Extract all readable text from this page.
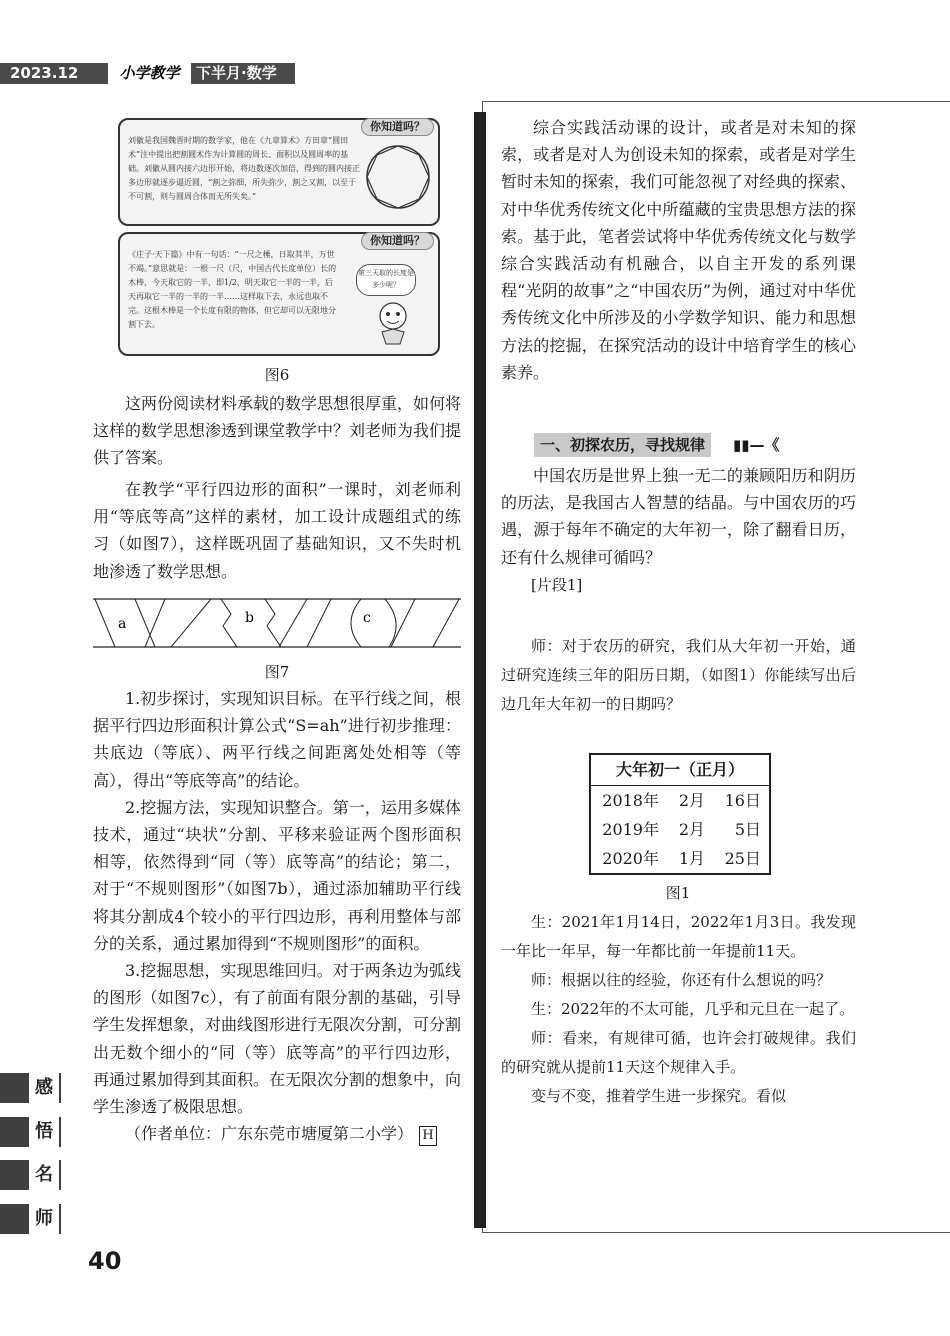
2023.12	小学教学	下半月·数学
你知道吗？
刘徽是我国魏晋时期的数学家，他在《九章算术》方田章“圆田术”注中提出把割圆术作为计算圆的周长、面积以及圆周率的基础。刘徽从圆内接六边形开始，将边数逐次加倍，得到的圆内接正多边形就逐步逼近圆，“割之弥细，所失弥少，割之又割，以至于不可割，则与圆周合体而无所失矣。”
你知道吗？
《庄子·天下篇》中有一句话：“一尺之棰，日取其半，万世不竭。”意思就是：一根一尺（尺，中国古代长度单位）长的木棒，今天取它的一半，即1/2，明天取它一半的一半，后天再取它一半的一半的一半……这样取下去，永远也取不完。这根木棒是一个长度有限的物体，但它却可以无限地分割下去。
第三天取的长度是多少呢？
图6
这两份阅读材料承载的数学思想很厚重，如何将这样的数学思想渗透到课堂教学中？刘老师为我们提供了答案。
在教学“平行四边形的面积”一课时，刘老师利用“等底等高”这样的素材，加工设计成题组式的练习（如图7），这样既巩固了基础知识，又不失时机地渗透了数学思想。
a	b	c
图7

1.初步探讨，实现知识目标。在平行线之间，根据平行四边形面积计算公式“S=ah”进行初步推理：共底边（等底）、两平行线之间距离处处相等（等高），得出“等底等高”的结论。

2.挖掘方法，实现知识整合。第一，运用多媒体技术，通过“块状”分割、平移来验证两个图形面积相等，依然得到“同（等）底等高”的结论；第二，对于“不规则图形”（如图7b），通过添加辅助平行线将其分割成4个较小的平行四边形，再利用整体与部分的关系，通过累加得到“不规则图形”的面积。

3.挖掘思想，实现思维回归。对于两条边为弧线的图形（如图7c），有了前面有限分割的基础，引导学生发挥想象，对曲线图形进行无限次分割，可分割出无数个细小的“同（等）底等高”的平行四边形，再通过累加得到其面积。在无限次分割的想象中，向学生渗透了极限思想。

（作者单位：广东东莞市塘厦第二小学） H

感
悟
名
师
40
综合实践活动课的设计，或者是对未知的探索，或者是对人为创设未知的探索，或者是对学生暂时未知的探索，我们可能忽视了对经典的探索、对中华优秀传统文化中所蕴藏的宝贵思想方法的探索。基于此，笔者尝试将中华优秀传统文化与数学综合实践活动有机融合，以自主开发的系列课程“光阴的故事”之“中国农历”为例，通过对中华优秀传统文化中所涉及的小学数学知识、能力和思想方法的挖掘，在探究活动的设计中培育学生的核心素养。
一、初探农历，寻找规律	▮▮—《

中国农历是世界上独一无二的兼顾阳历和阴历的历法，是我国古人智慧的结晶。与中国农历的巧遇，源于每年不确定的大年初一，除了翻看日历，还有什么规律可循吗？

[片段1]

师：对于农历的研究，我们从大年初一开始，通过研究连续三年的阳历日期，（如图1）你能续写出后边几年大年初一的日期吗？
大年初一（正月）
2018年	2月	16日
2019年	2月	5日
2020年	1月	25日
图1

生：2021年1月14日，2022年1月3日。我发现一年比一年早，每一年都比前一年提前11天。

师：根据以往的经验，你还有什么想说的吗？

生：2022年的不太可能，几乎和元旦在一起了。

师：看来，有规律可循，也许会打破规律。我们的研究就从提前11天这个规律入手。

变与不变，推着学生进一步探究。看似
